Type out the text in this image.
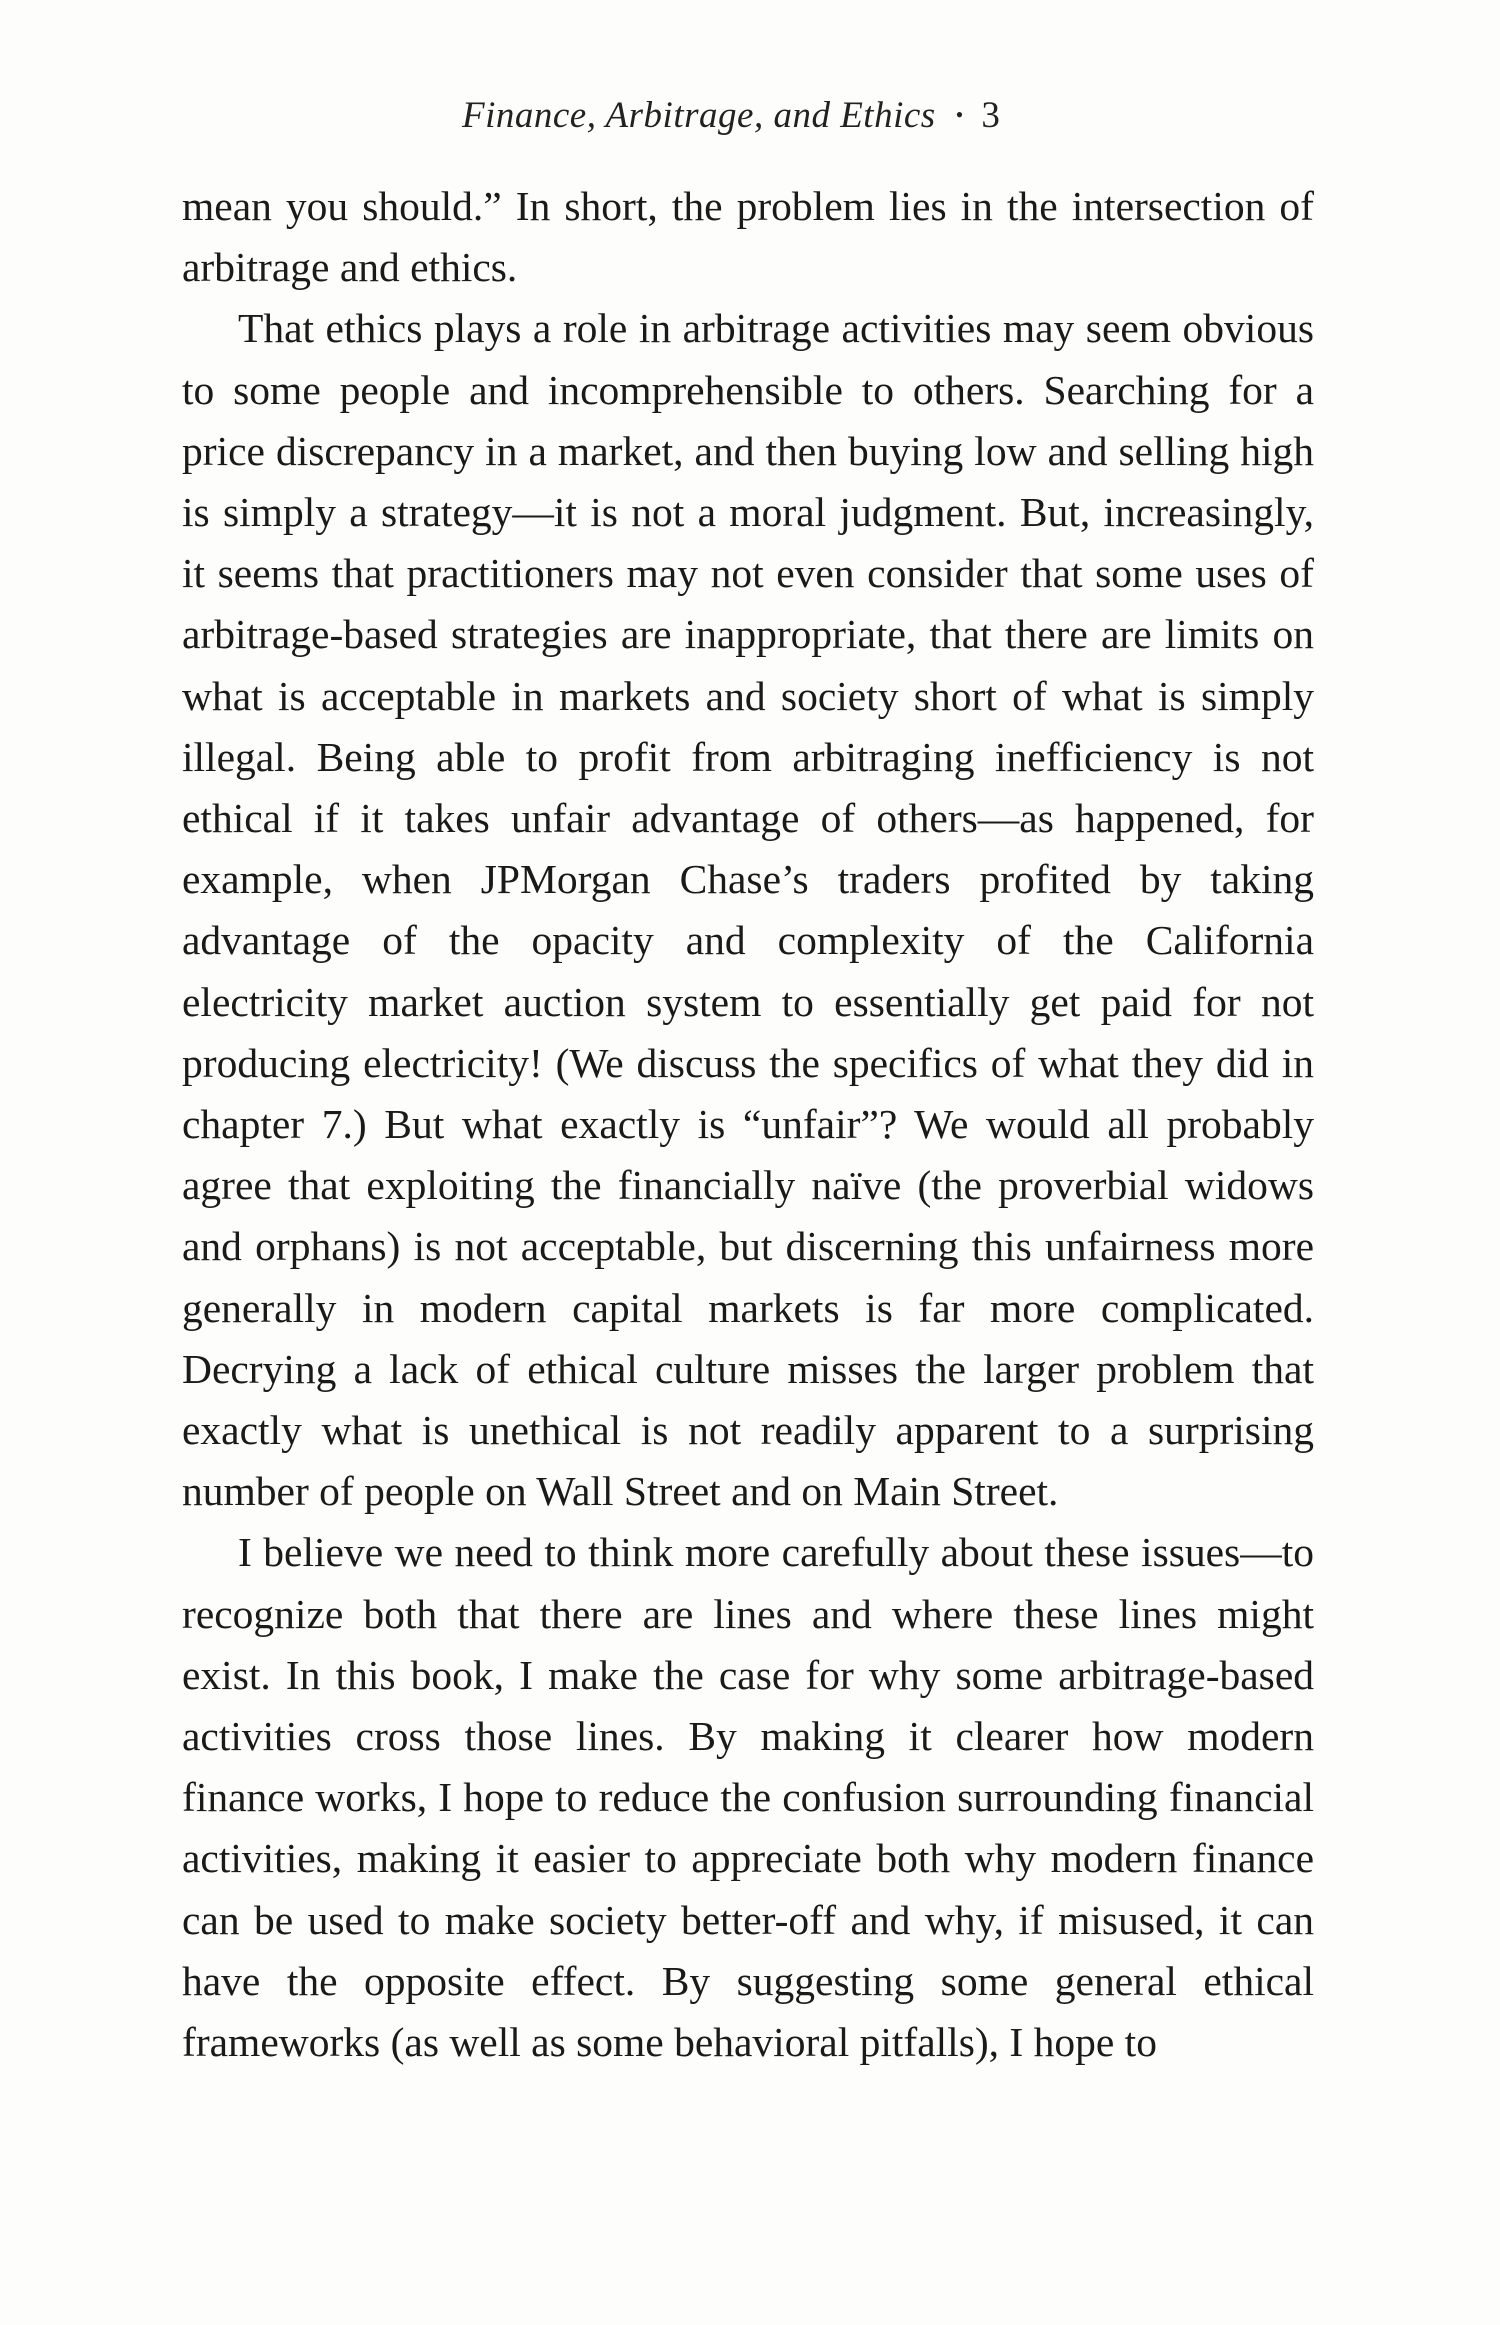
Finance, Arbitrage, and Ethics • 3

mean you should.” In short, the problem lies in the intersection of arbitrage and ethics.

That ethics plays a role in arbitrage activities may seem obvious to some people and incomprehensible to others. Searching for a price discrepancy in a market, and then buying low and selling high is simply a strategy—it is not a moral judgment. But, increasingly, it seems that practitioners may not even consider that some uses of arbitrage-based strategies are inappropriate, that there are limits on what is acceptable in markets and society short of what is simply illegal. Being able to profit from arbitraging inefficiency is not ethical if it takes unfair advantage of others—as happened, for example, when JPMorgan Chase’s traders profited by taking advantage of the opacity and complexity of the California electricity market auction system to essentially get paid for not producing electricity! (We discuss the specifics of what they did in chapter 7.) But what exactly is “unfair”? We would all probably agree that exploiting the financially naïve (the proverbial widows and orphans) is not acceptable, but discerning this unfairness more generally in modern capital markets is far more complicated. Decrying a lack of ethical culture misses the larger problem that exactly what is unethical is not readily apparent to a surprising number of people on Wall Street and on Main Street.

I believe we need to think more carefully about these issues—to recognize both that there are lines and where these lines might exist. In this book, I make the case for why some arbitrage-based activities cross those lines. By making it clearer how modern finance works, I hope to reduce the confusion surrounding financial activities, making it easier to appreciate both why modern finance can be used to make society better-off and why, if misused, it can have the opposite effect. By suggesting some general ethical frameworks (as well as some behavioral pitfalls), I hope to
